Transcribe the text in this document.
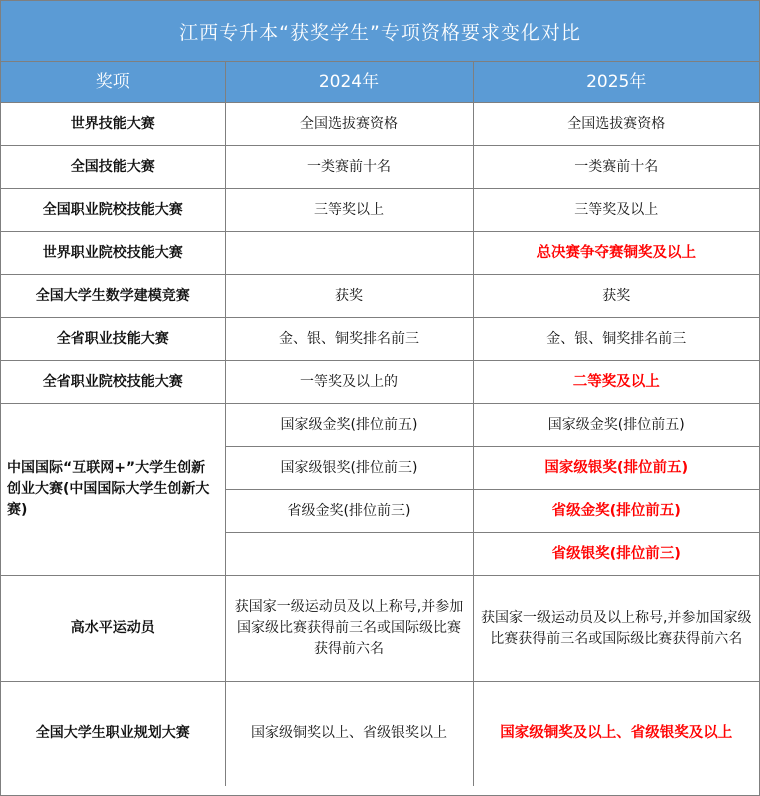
江西专升本“获奖学生”专项资格要求变化对比
奖项	2024年	2025年
世界技能大赛	全国选拔赛资格	全国选拔赛资格
全国技能大赛	一类赛前十名	一类赛前十名
全国职业院校技能大赛	三等奖以上	三等奖及以上
世界职业院校技能大赛		总决赛争夺赛铜奖及以上
全国大学生数学建模竞赛	获奖	获奖
全省职业技能大赛	金、银、铜奖排名前三	金、银、铜奖排名前三
全省职业院校技能大赛	一等奖及以上的	二等奖及以上
中国国际“互联网+”大学生创新创业大赛(中国国际大学生创新大赛)	国家级金奖(排位前五)	国家级金奖(排位前五)
	国家级银奖(排位前三)	国家级银奖(排位前五)
	省级金奖(排位前三)	省级金奖(排位前五)
		省级银奖(排位前三)
高水平运动员	获国家一级运动员及以上称号,并参加国家级比赛获得前三名或国际级比赛获得前六名	获国家一级运动员及以上称号,并参加国家级比赛获得前三名或国际级比赛获得前六名
全国大学生职业规划大赛	国家级铜奖以上、省级银奖以上	国家级铜奖及以上、省级银奖及以上
